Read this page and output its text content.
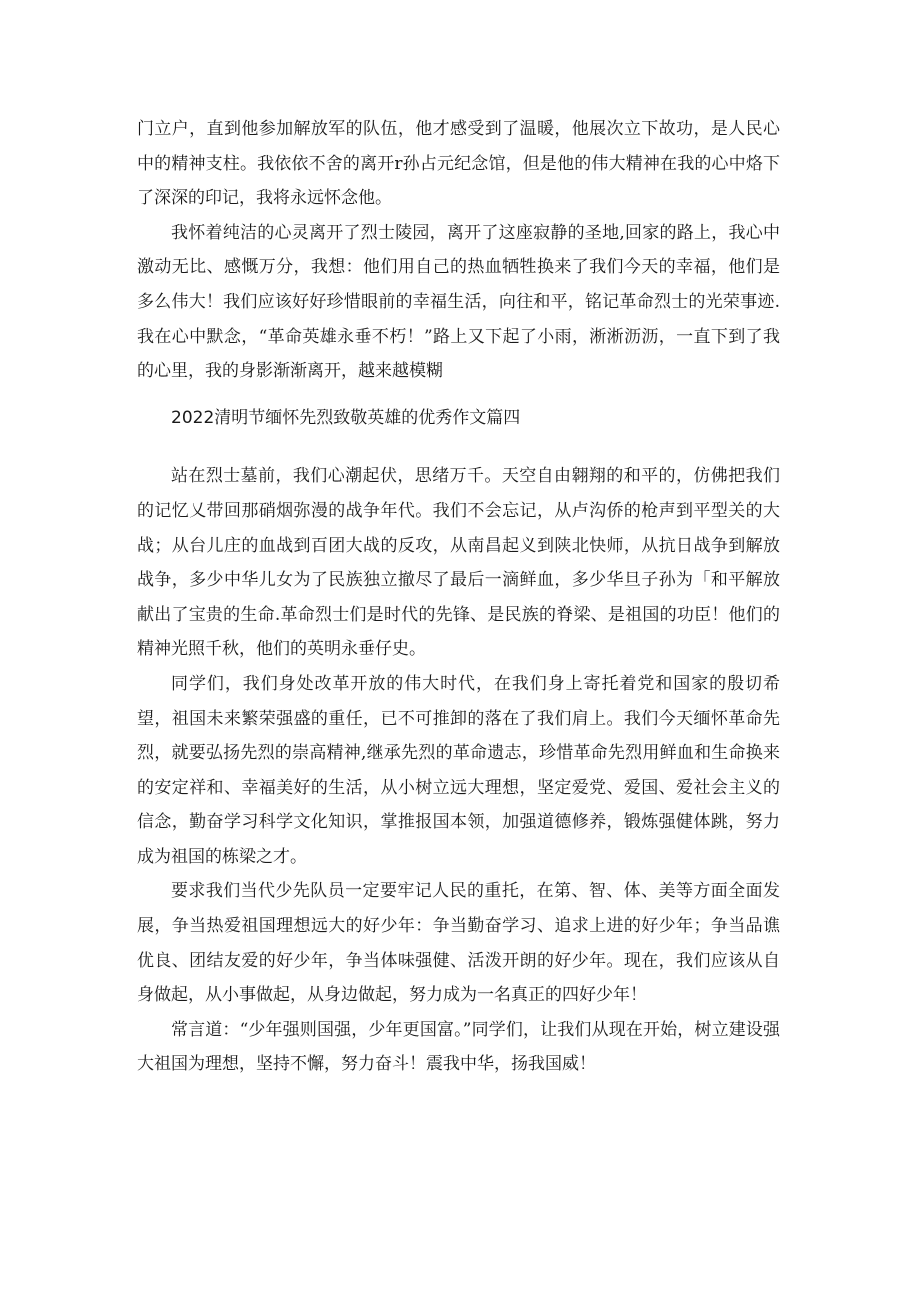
门立户，直到他参加解放军的队伍，他才感受到了温暖，他展次立下故功，是人民心中的精神支柱。我依依不舍的离开r孙占元纪念馆，但是他的伟大精神在我的心中烙下了深深的印记，我将永远怀念他。

我怀着纯洁的心灵离开了烈士陵园，离开了这座寂静的圣地,回家的路上，我心中激动无比、感慨万分，我想：他们用自己的热血牺牲换来了我们今天的幸福，他们是多么伟大！我们应该好好珍惜眼前的幸福生活，向往和平，铭记革命烈士的光荣事迹.我在心中默念，“革命英雄永垂不朽！”路上又下起了小雨，淅淅沥沥，一直下到了我的心里，我的身影渐渐离开，越来越模糊

2022清明节缅怀先烈致敬英雄的优秀作文篇四

站在烈士墓前，我们心潮起伏，思绪万千。天空自由翱翔的和平的，仿佛把我们的记忆乂带回那硝烟弥漫的战争年代。我们不会忘记，从卢沟侨的枪声到平型关的大战；从台儿庄的血战到百团大战的反攻，从南昌起义到陕北快师，从抗日战争到解放战争，多少中华儿女为了民族独立撤尽了最后一滴鲜血，多少华旦子孙为「和平解放献出了宝贵的生命.革命烈士们是时代的先锋、是民族的脊梁、是祖国的功臣！他们的精神光照千秋，他们的英明永垂仔史。

同学们，我们身处改革开放的伟大时代，在我们身上寄托着党和国家的殷切希望，祖国未来繁荣强盛的重任，已不可推卸的落在了我们肩上。我们今天缅怀革命先烈，就要弘扬先烈的崇高精神,继承先烈的革命遗志，珍惜革命先烈用鲜血和生命换来的安定祥和、幸福美好的生活，从小树立远大理想，坚定爱党、爱国、爱社会主义的信念，勤奋学习科学文化知识，掌推报国本领，加强道德修养，锻炼强健体跳，努力成为祖国的栋梁之才。

要求我们当代少先队员一定要牢记人民的重托，在第、智、体、美等方面全面发展，争当热爱祖国理想远大的好少年：争当勤奋学习、追求上进的好少年；争当品谯优良、团结友爱的好少年，争当体味强健、活泼开朗的好少年。现在，我们应该从自身做起，从小事做起，从身边做起，努力成为一名真正的四好少年！

常言道：“少年强则国强，少年更国富。”同学们，让我们从现在开始，树立建设强大祖国为理想，坚持不懈，努力奋斗！震我中华，扬我国威！
